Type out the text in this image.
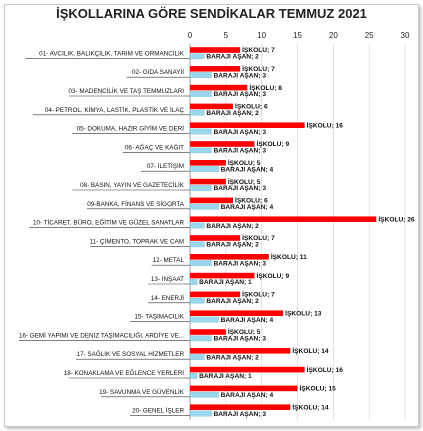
İŞKOLLARINA GÖRE SENDİKALAR TEMMUZ 2021
0	5	10	15	20	25	30
01- AVCILIK, BALIKÇILIK, TARIM VE ORMANCILIK	İŞKOLU; 7
BARAJI AŞAN; 2
02- GIDA SANAYİİ	İŞKOLU; 7
BARAJI AŞAN; 3
03- MADENCİLİK VE TAŞ TEMMUZLARI	İŞKOLU; 8
BARAJI AŞAN; 3
04- PETROL, KİMYA, LASTİK, PLASTİK VE İLAÇ	İŞKOLU; 6
BARAJI AŞAN; 2
05- DOKUMA, HAZIR GİYİM VE DERİ	İŞKOLU; 16
BARAJI AŞAN; 3
06- AĞAÇ VE KAĞIT	İŞKOLU; 9
BARAJI AŞAN; 3
07- İLETİŞİM	İŞKOLU; 5
BARAJI AŞAN; 4
08- BASIN, YAYIN VE GAZETECİLİK	İŞKOLU; 5
BARAJI AŞAN; 3
09-BANKA, FİNANS VE SİGORTA	İŞKOLU; 6
BARAJI AŞAN; 4
10- TİCARET, BÜRO, EĞİTİM VE GÜZEL SANATLAR	İŞKOLU; 26
BARAJI AŞAN; 2
11- ÇİMENTO, TOPRAK VE CAM	İŞKOLU; 7
BARAJI AŞAN; 2
12- METAL	İŞKOLU; 11
BARAJI AŞAN; 3
13- İNŞAAT	İŞKOLU; 9
BARAJI AŞAN; 1
14- ENERJİ	İŞKOLU; 7
BARAJI AŞAN; 2
15- TAŞIMACILIK	İŞKOLU; 13
BARAJI AŞAN; 4
16- GEMİ YAPIMI VE DENİZ TAŞIMACILIĞI, ARDİYE VE...	İŞKOLU; 5
BARAJI AŞAN; 3
17- SAĞLIK VE SOSYAL HİZMETLER	İŞKOLU; 14
BARAJI AŞAN; 2
18- KONAKLAMA VE EĞLENCE YERLERİ	İŞKOLU; 16
BARAJI AŞAN; 1
19- SAVUNMA VE GÜVENLİK	İŞKOLU; 15
BARAJI AŞAN; 4
20- GENEL İŞLER	İŞKOLU; 14
BARAJI AŞAN; 3
